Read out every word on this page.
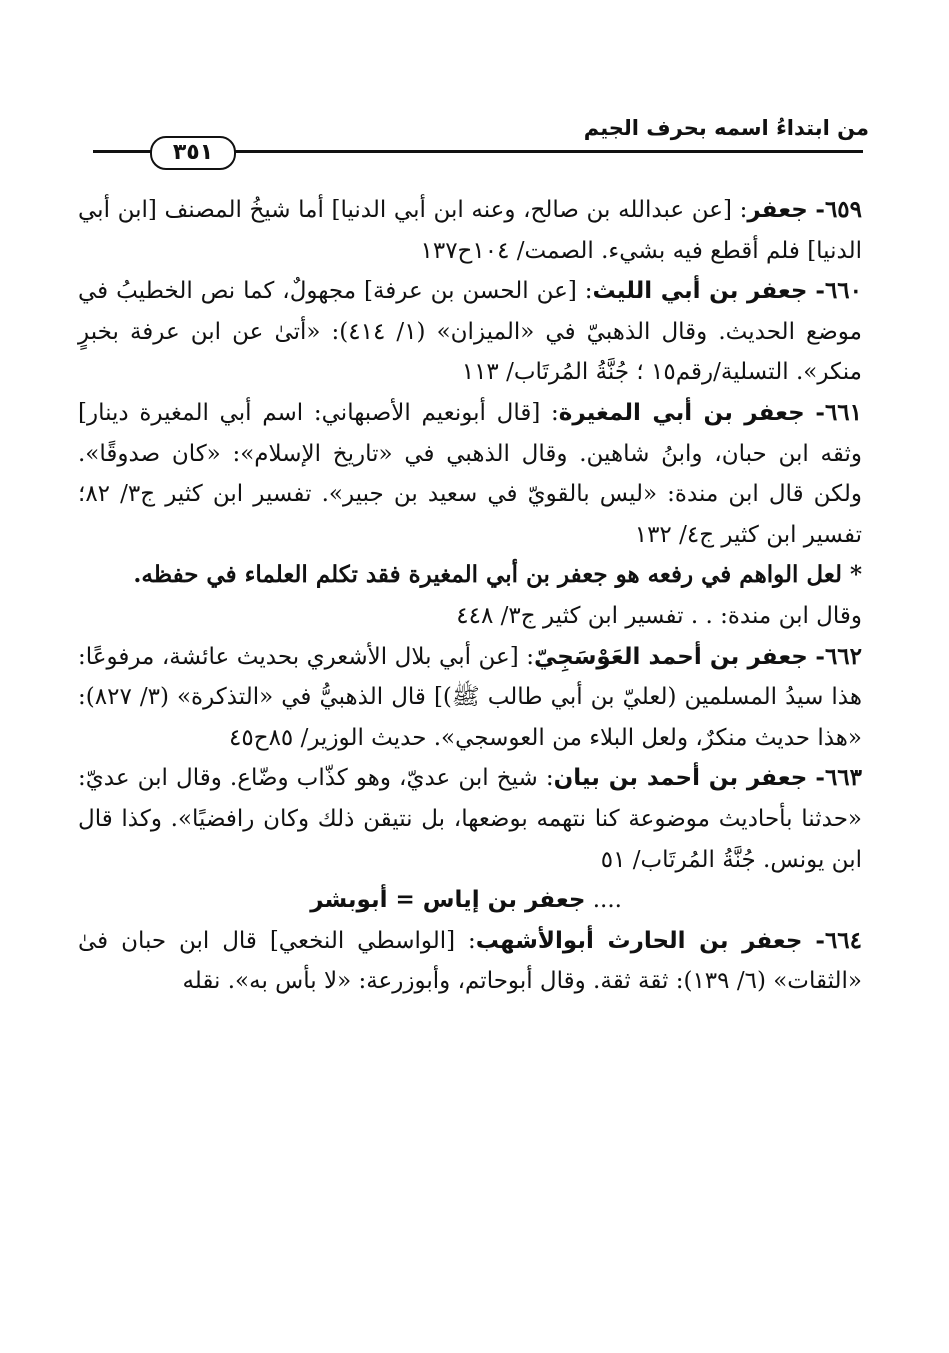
من ابتداءُ اسمه بحرف الجيم
٣٥١

٦٥٩- جعفر: [عن عبدالله بن صالح، وعنه ابن أبي الدنيا] أما شيخُ المصنف [ابن أبي الدنيا] فلم أقطع فيه بشيء. الصمت/ ١٠٤ح١٣٧

٦٦٠- جعفر بن أبي الليث: [عن الحسن بن عرفة] مجهولٌ، كما نص الخطيبُ في موضع الحديث. وقال الذهبيّ في «الميزان» (١/ ٤١٤): «أتىٰ عن ابن عرفة بخبرٍ منكر». التسلية/رقم١٥ ؛ جُنَّةُ المُرتَاب/ ١١٣

٦٦١- جعفر بن أبي المغيرة: [قال أبونعيم الأصبهاني: اسم أبي المغيرة دينار] وثقه ابن حبان، وابنُ شاهين. وقال الذهبي في «تاريخ الإسلام»: «كان صدوقًا». ولكن قال ابن مندة: «ليس بالقويّ في سعيد بن جبير». تفسير ابن كثير ج٣/ ٨٢؛ تفسير ابن كثير ج٤/ ١٣٢

* لعل الواهم في رفعه هو جعفر بن أبي المغيرة فقد تكلم العلماء في حفظه.

وقال ابن مندة: . . تفسير ابن كثير ج٣/ ٤٤٨

٦٦٢- جعفر بن أحمد العَوْسَجِيّ: [عن أبي بلال الأشعري بحديث عائشة، مرفوعًا: هذا سيدُ المسلمين (لعليّ بن أبي طالب ﷺ)] قال الذهبيُّ في «التذكرة» (٣/ ٨٢٧): «هذا حديث منكرٌ، ولعل البلاء من العوسجي». حديث الوزير/ ٨٥ح٤٥

٦٦٣- جعفر بن أحمد بن بيان: شيخ ابن عديّ، وهو كذّاب وضّاع. وقال ابن عديّ: «حدثنا بأحاديث موضوعة كنا نتهمه بوضعها، بل نتيقن ذلك وكان رافضيًا». وكذا قال ابن يونس. جُنَّةُ المُرتَاب/ ٥١

.... جعفر بن إياس = أبوبشر

٦٦٤- جعفر بن الحارث أبوالأشهب: [الواسطي النخعي] قال ابن حبان فىٰ «الثقات» (٦/ ١٣٩): ثقة ثقة. وقال أبوحاتم، وأبوزرعة: «لا بأس به». نقله
